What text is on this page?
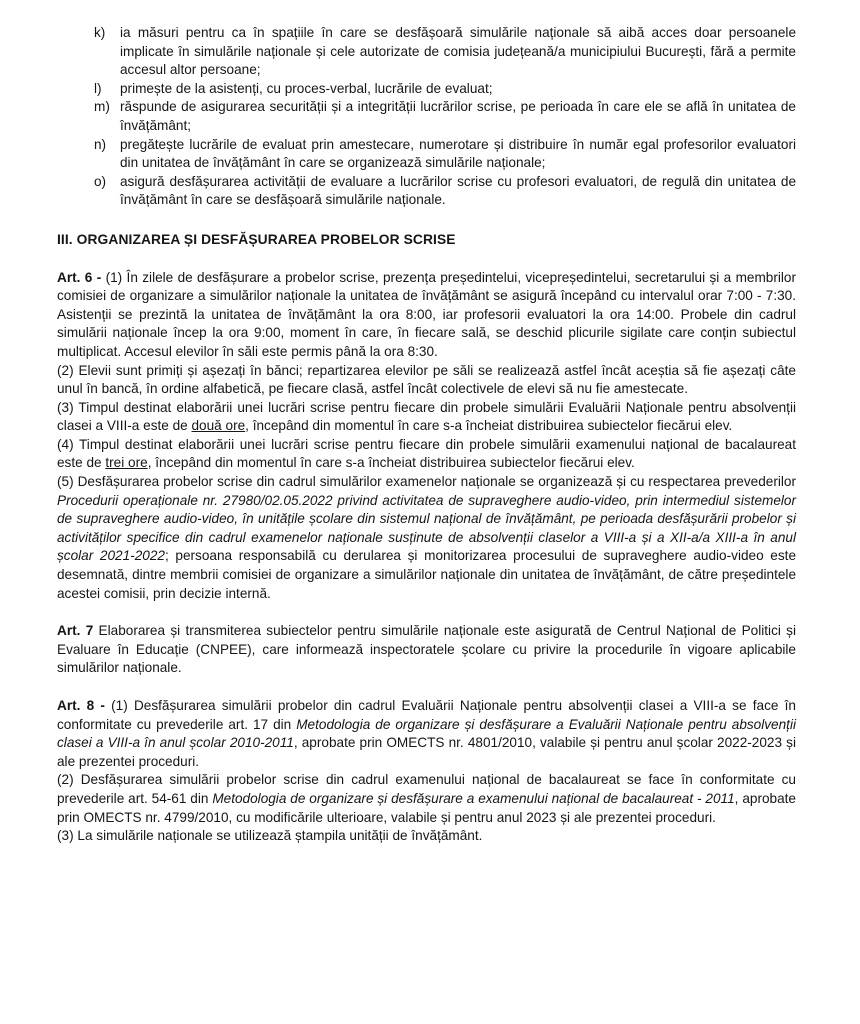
k)	ia măsuri pentru ca în spațiile în care se desfășoară simulările naționale să aibă acces doar persoanele implicate în simulările naționale și cele autorizate de comisia județeană/a municipiului București, fără a permite accesul altor persoane;
l)	primește de la asistenți, cu proces-verbal, lucrările de evaluat;
m) răspunde de asigurarea securității și a integrității lucrărilor scrise, pe perioada în care ele se află în unitatea de învățământ;
n)	pregătește lucrările de evaluat prin amestecare, numerotare și distribuire în număr egal profesorilor evaluatori din unitatea de învățământ în care se organizează simulările naționale;
o)	asigură desfășurarea activității de evaluare a lucrărilor scrise cu profesori evaluatori, de regulă din unitatea de învățământ în care se desfășoară simulările naționale.
III. ORGANIZAREA ȘI DESFĂȘURAREA PROBELOR SCRISE

Art. 6 - (1) În zilele de desfășurare a probelor scrise, prezența președintelui, vicepreședintelui, secretarului și a membrilor comisiei de organizare a simulărilor naționale la unitatea de învățământ se asigură începând cu intervalul orar 7:00 - 7:30. Asistenții se prezintă la unitatea de învățământ la ora 8:00, iar profesorii evaluatori la ora 14:00. Probele din cadrul simulării naționale încep la ora 9:00, moment în care, în fiecare sală, se deschid plicurile sigilate care conțin subiectul multiplicat. Accesul elevilor în săli este permis până la ora 8:30.

(2) Elevii sunt primiți și așezați în bănci; repartizarea elevilor pe săli se realizează astfel încât aceștia să fie așezați câte unul în bancă, în ordine alfabetică, pe fiecare clasă, astfel încât colectivele de elevi să nu fie amestecate.

(3) Timpul destinat elaborării unei lucrări scrise pentru fiecare din probele simulării Evaluării Naționale pentru absolvenții clasei a VIII-a este de două ore, începând din momentul în care s-a încheiat distribuirea subiectelor fiecărui elev.

(4) Timpul destinat elaborării unei lucrări scrise pentru fiecare din probele simulării examenului național de bacalaureat este de trei ore, începând din momentul în care s-a încheiat distribuirea subiectelor fiecărui elev.

(5) Desfășurarea probelor scrise din cadrul simulărilor examenelor naționale se organizează și cu respectarea prevederilor Procedurii operaționale nr. 27980/02.05.2022 privind activitatea de supraveghere audio-video, prin intermediul sistemelor de supraveghere audio-video, în unitățile școlare din sistemul național de învățământ, pe perioada desfășurării probelor și activităților specifice din cadrul examenelor naționale susținute de absolvenții claselor a VIII-a și a XII-a/a XIII-a în anul școlar 2021-2022; persoana responsabilă cu derularea și monitorizarea procesului de supraveghere audio-video este desemnată, dintre membrii comisiei de organizare a simulărilor naționale din unitatea de învățământ, de către președintele acestei comisii, prin decizie internă.

Art. 7 Elaborarea și transmiterea subiectelor pentru simulările naționale este asigurată de Centrul Național de Politici și Evaluare în Educație (CNPEE), care informează inspectoratele școlare cu privire la procedurile în vigoare aplicabile simulărilor naționale.

Art. 8 - (1) Desfășurarea simulării probelor din cadrul Evaluării Naționale pentru absolvenții clasei a VIII-a se face în conformitate cu prevederile art. 17 din Metodologia de organizare și desfășurare a Evaluării Naționale pentru absolvenții clasei a VIII-a în anul școlar 2010-2011, aprobate prin OMECTS nr. 4801/2010, valabile și pentru anul școlar 2022-2023 și ale prezentei proceduri.

(2) Desfășurarea simulării probelor scrise din cadrul examenului național de bacalaureat se face în conformitate cu prevederile art. 54-61 din Metodologia de organizare și desfășurare a examenului național de bacalaureat - 2011, aprobate prin OMECTS nr. 4799/2010, cu modificările ulterioare, valabile și pentru anul 2023 și ale prezentei proceduri.

(3) La simulările naționale se utilizează ștampila unității de învățământ.
